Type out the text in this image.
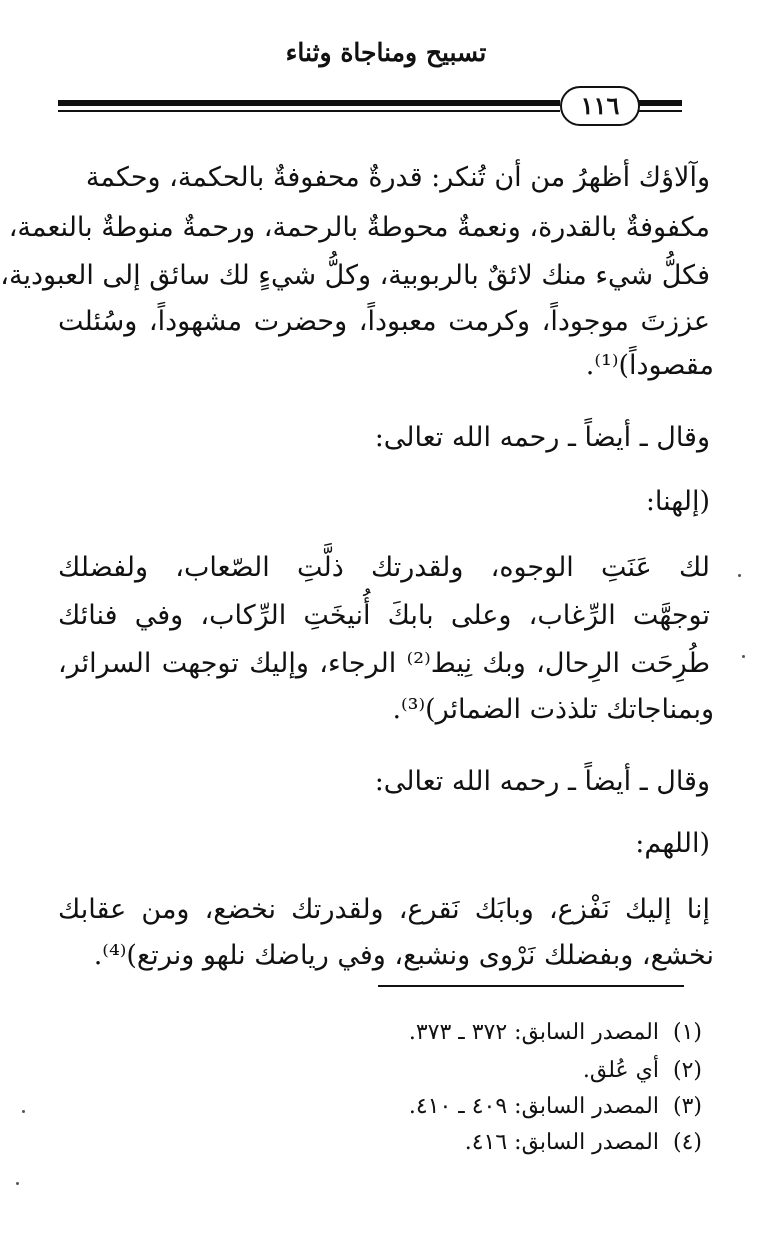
تسبيح ومناجاة وثناء
١١٦
وآلاؤك أظهرُ من أن تُنكر: قدرةٌ محفوفةٌ بالحكمة، وحكمة
مكفوفةٌ بالقدرة، ونعمةٌ محوطةٌ بالرحمة، ورحمةٌ منوطةٌ بالنعمة،
فكلُّ شيء منك لائقٌ بالربوبية، وكلُّ شيءٍ لك سائق إلى العبودية،
عززتَ موجوداً، وكرمت معبوداً، وحضرت مشهوداً، وسُئلت
مقصوداً)⁽¹⁾.
وقال ـ أيضاً ـ رحمه الله تعالى:
(إلهنا:
لك عَنَتِ الوجوه، ولقدرتك ذلَّتِ الصّعاب، ولفضلك
توجهَّت الرِّغاب، وعلى بابكَ أُنيخَتِ الرِّكاب، وفي فنائك
طُرِحَت الرِحال، وبك نِيط⁽²⁾ الرجاء، وإليك توجهت السرائر،
وبمناجاتك تلذذت الضمائر)⁽³⁾.
وقال ـ أيضاً ـ رحمه الله تعالى:
(اللهم:
إنا إليك نَفْزع، وبابَك نَقرع، ولقدرتك نخضع، ومن عقابك
نخشع، وبفضلك نَرْوى ونشبع، وفي رياضك نلهو ونرتع)⁽⁴⁾.
(١)المصدر السابق: ٣٧٢ ـ ٣٧٣.
(٢)أي عُلق.
(٣)المصدر السابق: ٤٠٩ ـ ٤١٠.
(٤)المصدر السابق: ٤١٦.
